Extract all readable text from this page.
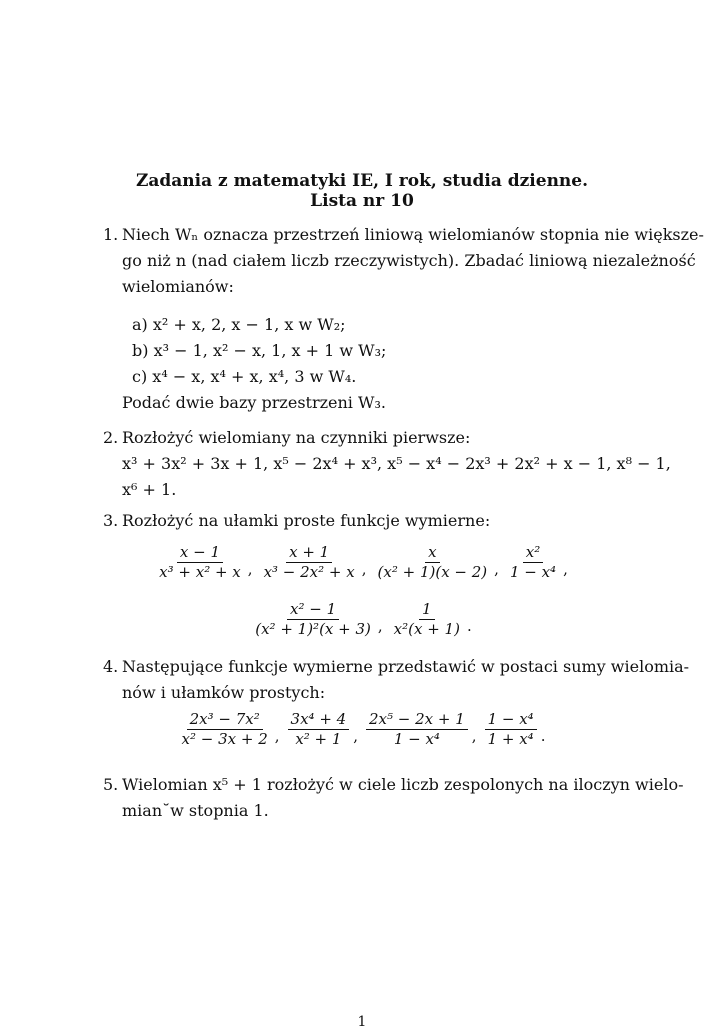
Zadania z matematyki IE, I rok, studia dzienne.
Lista nr 10
1. Niech Wₙ oznacza przestrzeń liniową wielomianów stopnia nie większe-
go niż n (nad ciałem liczb rzeczywistych). Zbadać liniową niezależność
wielomianów:
a) x² + x, 2, x − 1, x w W₂;
b) x³ − 1, x² − x, 1, x + 1 w W₃;
c) x⁴ − x, x⁴ + x, x⁴, 3 w W₄.
Podać dwie bazy przestrzeni W₃.
2. Rozłożyć wielomiany na czynniki pierwsze:
x³ + 3x² + 3x + 1, x⁵ − 2x⁴ + x³, x⁵ − x⁴ − 2x³ + 2x² + x − 1, x⁸ − 1,
x⁶ + 1.
3. Rozłożyć na ułamki proste funkcje wymierne:
$\frac{x - 1}{\text{x³ + x² + x}}$ , $\frac{x + 1}{\text{x³ − 2x² + x}}$ , $\frac{x}{\text{(x² + 1)(x − 2)}}$ , $\frac{\text{x²}}{\text{1 − x⁴}}$ ,
$\frac{\text{x² − 1}}{\text{(x² + 1)²(x + 3)}}$ , $\frac{1}{\text{x²(x + 1)}}$ .
4. Następujące funkcje wymierne przedstawić w postaci sumy wielomia-
nów i ułamków prostych:
$\frac{\text{2x³ − 7x²}}{\text{x² − 3x + 2}}$ , $\frac{\text{3x⁴ + 4}}{\text{x² + 1}}$ , $\frac{\text{2x⁵ − 2x + 1}}{\text{1 − x⁴}}$ , $\frac{\text{1 − x⁴}}{\text{1 + x⁴}}$ .
5. Wielomian x⁵ + 1 rozłożyć w ciele liczb zespolonych na iloczyn wielo-
mian˘w stopnia 1.
1
